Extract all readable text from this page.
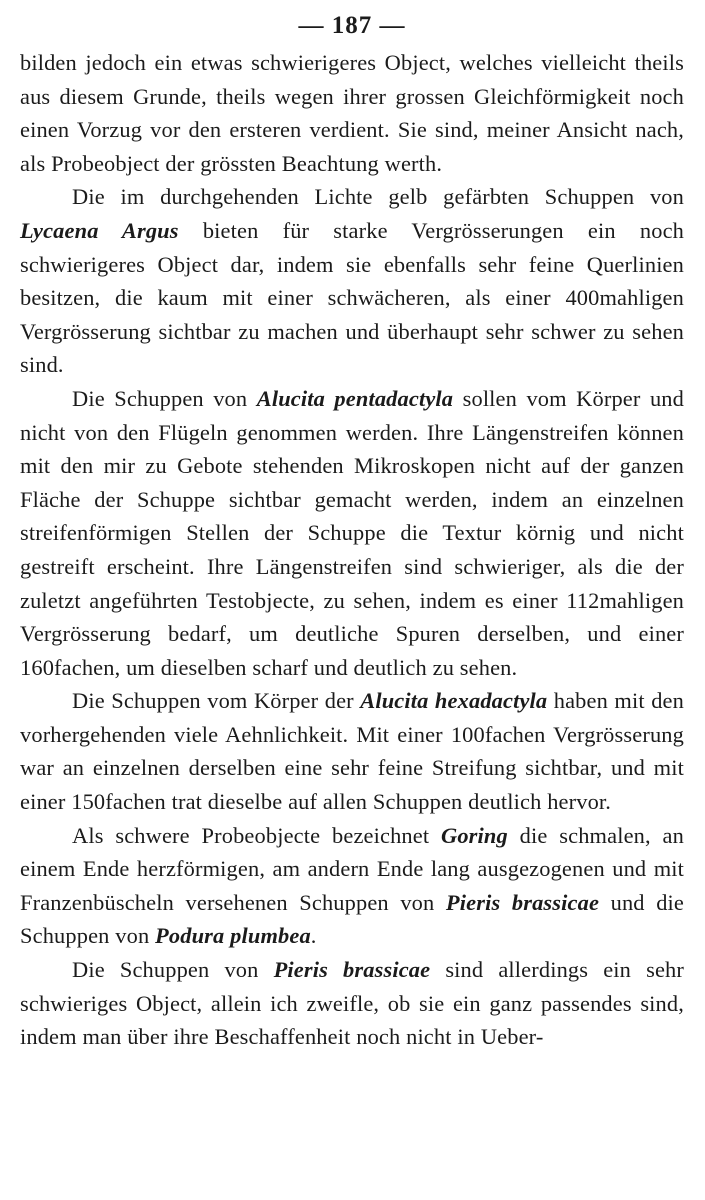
— 187 —

bilden jedoch ein etwas schwierigeres Object, welches vielleicht theils aus diesem Grunde, theils wegen ihrer grossen Gleichförmigkeit noch einen Vorzug vor den ersteren verdient. Sie sind, meiner Ansicht nach, als Probeobject der grössten Beachtung werth.

Die im durchgehenden Lichte gelb gefärbten Schuppen von Lycaena Argus bieten für starke Vergrösserungen ein noch schwierigeres Object dar, indem sie ebenfalls sehr feine Querlinien besitzen, die kaum mit einer schwächeren, als einer 400mahligen Vergrösserung sichtbar zu machen und überhaupt sehr schwer zu sehen sind.

Die Schuppen von Alucita pentadactyla sollen vom Körper und nicht von den Flügeln genommen werden. Ihre Längenstreifen können mit den mir zu Gebote stehenden Mikroskopen nicht auf der ganzen Fläche der Schuppe sichtbar gemacht werden, indem an einzelnen streifenförmigen Stellen der Schuppe die Textur körnig und nicht gestreift erscheint. Ihre Längenstreifen sind schwieriger, als die der zuletzt angeführten Testobjecte, zu sehen, indem es einer 112mahligen Vergrösserung bedarf, um deutliche Spuren derselben, und einer 160fachen, um dieselben scharf und deutlich zu sehen.

Die Schuppen vom Körper der Alucita hexadactyla haben mit den vorhergehenden viele Aehnlichkeit. Mit einer 100fachen Vergrösserung war an einzelnen derselben eine sehr feine Streifung sichtbar, und mit einer 150fachen trat dieselbe auf allen Schuppen deutlich hervor.

Als schwere Probeobjecte bezeichnet Goring die schmalen, an einem Ende herzförmigen, am andern Ende lang ausgezogenen und mit Franzenbüscheln versehenen Schuppen von Pieris brassicae und die Schuppen von Podura plumbea.

Die Schuppen von Pieris brassicae sind allerdings ein sehr schwieriges Object, allein ich zweifle, ob sie ein ganz passendes sind, indem man über ihre Beschaffenheit noch nicht in Ueber-
